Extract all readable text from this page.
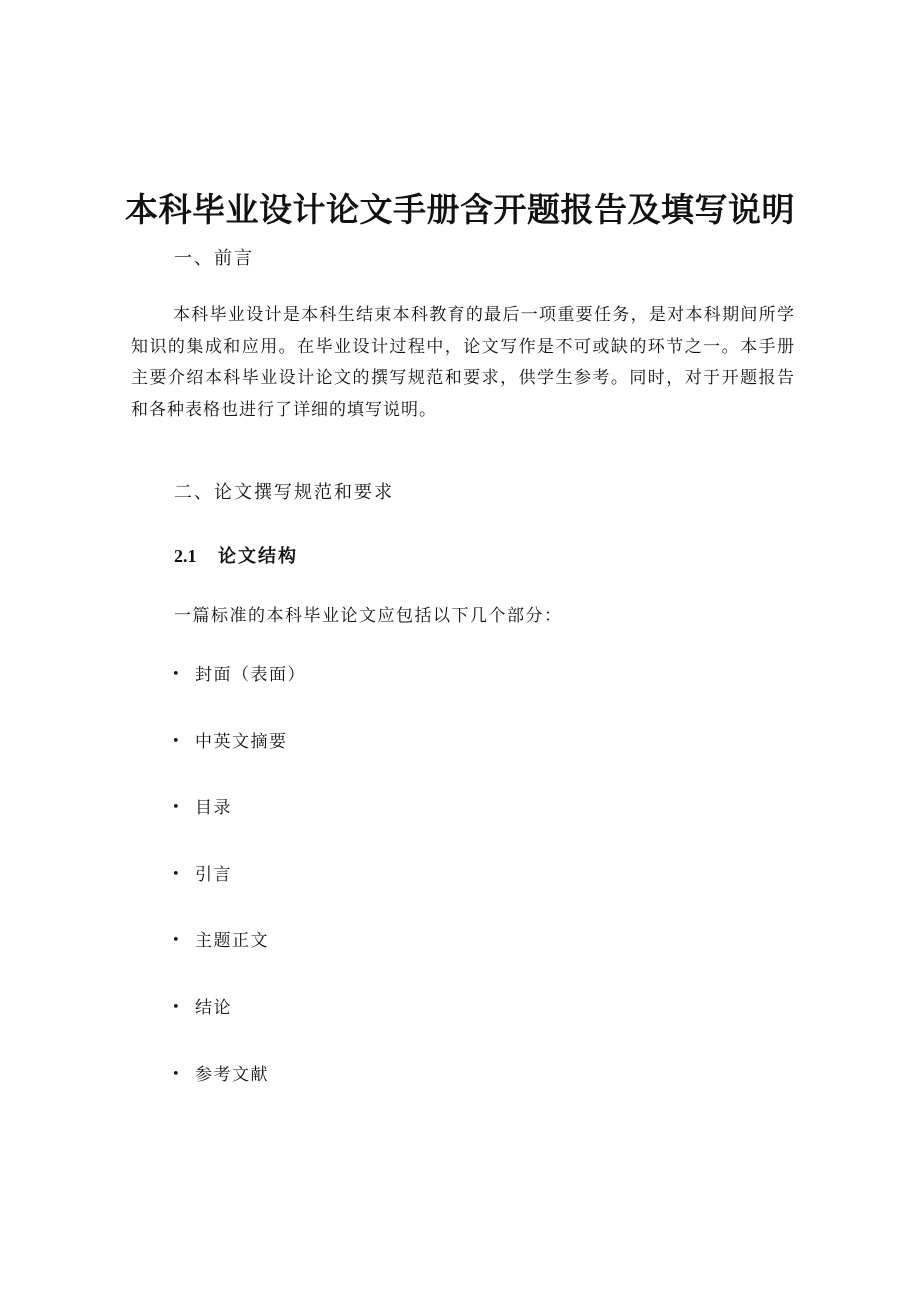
本科毕业设计论文手册含开题报告及填写说明
一、前言

本科毕业设计是本科生结束本科教育的最后一项重要任务，是对本科期间所学知识的集成和应用。在毕业设计过程中，论文写作是不可或缺的环节之一。本手册主要介绍本科毕业设计论文的撰写规范和要求，供学生参考。同时，对于开题报告和各种表格也进行了详细的填写说明。

二、论文撰写规范和要求
2.1 论文结构

一篇标准的本科毕业论文应包括以下几个部分：

• 封面（表面）
• 中英文摘要
• 目录
• 引言
• 主题正文
• 结论
• 参考文献
